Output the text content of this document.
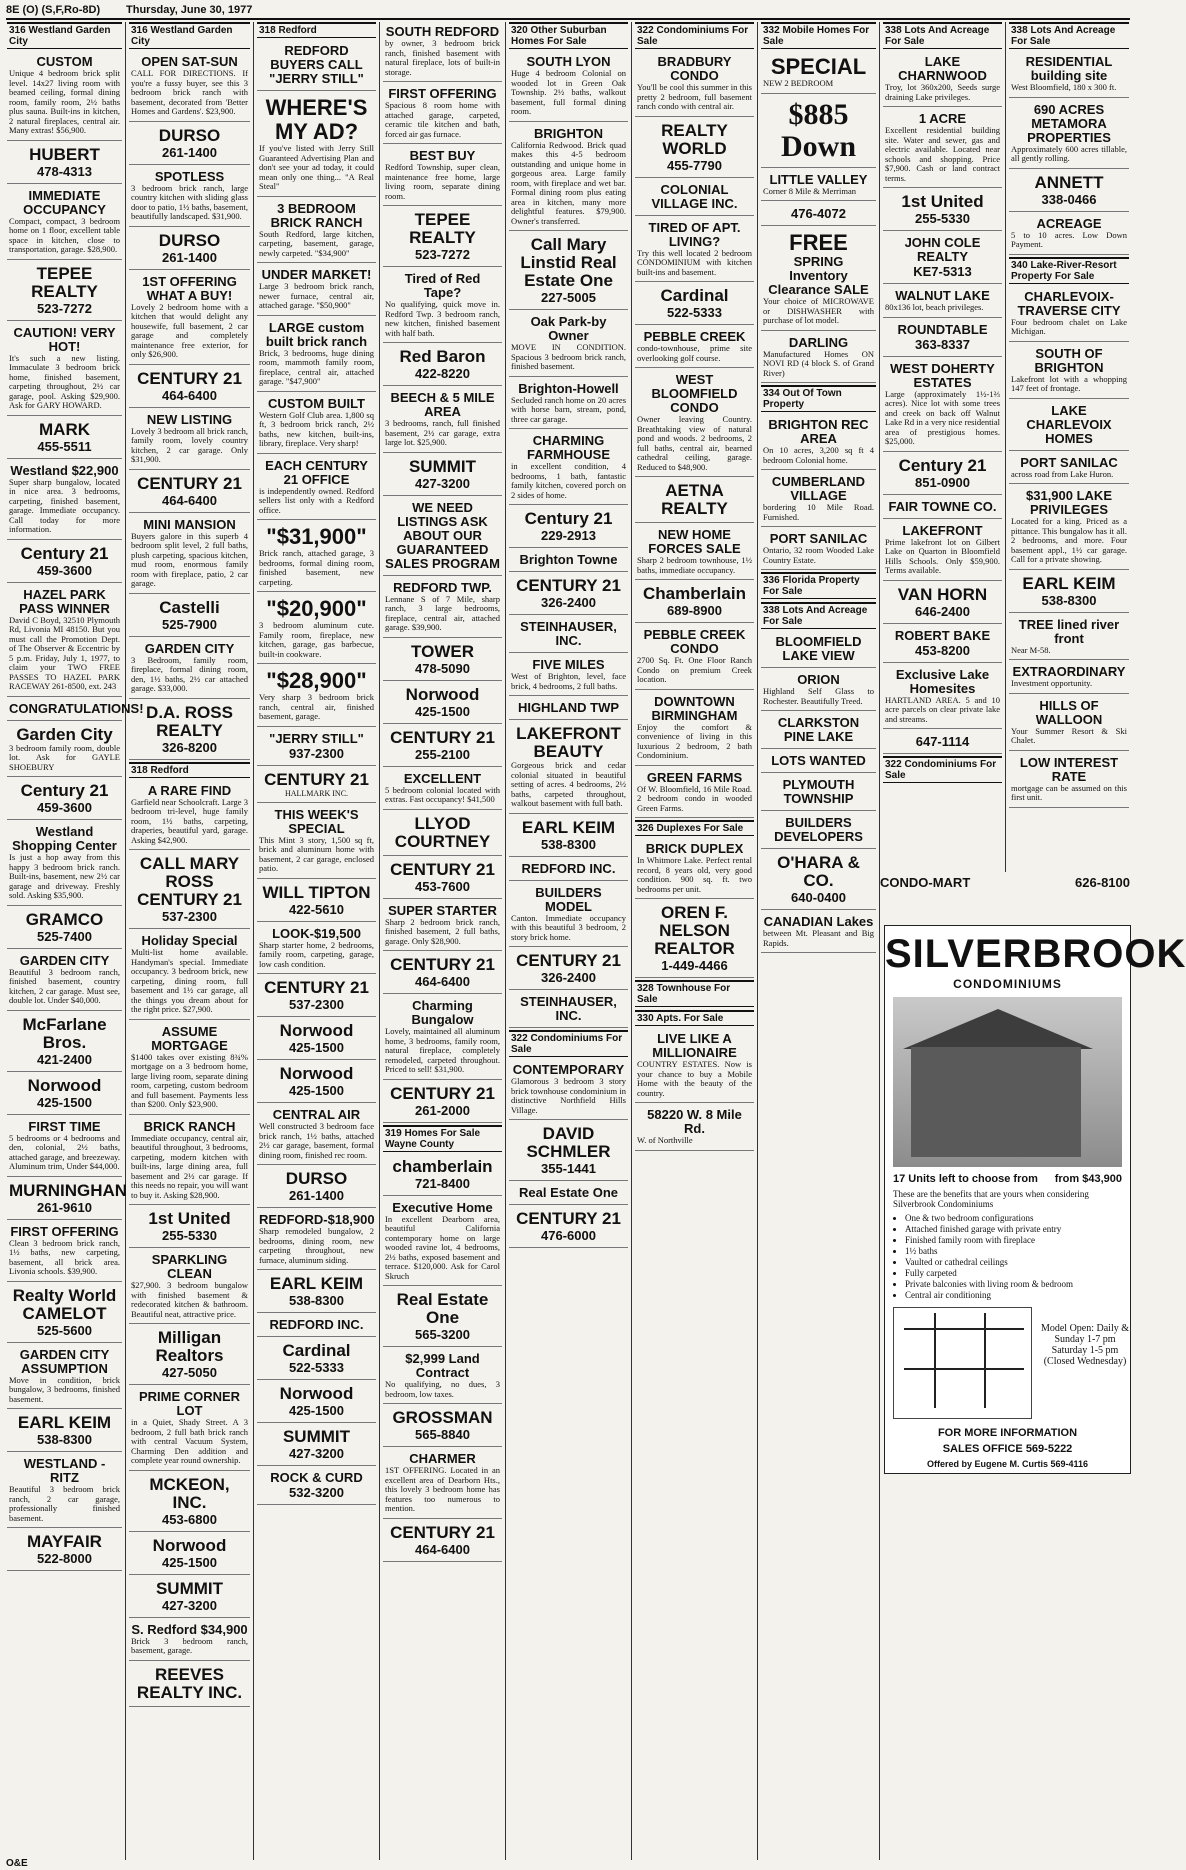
8E (O) (S,F,Ro-8D) Thursday, June 30, 1977
316 Westland Garden City
CUSTOM
Unique 4 bedroom brick split level. 14x27 living room with beamed ceiling, formal dining room, family room, 2½ baths plus sauna. Built-ins in kitchen, 2 natural fireplaces, central air. Many extras! $56,900.
HUBERT
478-4313
IMMEDIATE OCCUPANCY
Compact, compact, 3 bedroom home on 1 floor, excellent table space in kitchen, close to transportation, garage. $28,900.
TEPEE REALTY
523-7272
CAUTION! VERY HOT!
It's such a new listing. Immaculate 3 bedroom brick home, finished basement, carpeting throughout, 2½ car garage, pool. Asking $29,900. Ask for GARY HOWARD.
MARK
455-5511
Westland $22,900
Super sharp bungalow, located in nice area. 3 bedrooms, carpeting, finished basement, garage. Immediate occupancy. Call today for more information.
Century 21
459-3600
HAZEL PARK PASS WINNER
David C Boyd, 32510 Plymouth Rd, Livonia MI 48150. But you must call the Promotion Dept. of The Observer & Eccentric by 5 p.m. Friday, July 1, 1977, to claim your TWO FREE PASSES TO HAZEL PARK RACEWAY 261-8500, ext. 243
CONGRATULATIONS!
Garden City
3 bedroom family room, double lot. Ask for GAYLE SHOEBURY
Century 21
459-3600
Westland Shopping Center
Is just a hop away from this happy 3 bedroom brick ranch. Built-ins, basement, new 2½ car garage and driveway. Freshly sold. Asking $35,900.
GRAMCO
525-7400
GARDEN CITY
Beautiful 3 bedroom ranch, finished basement, country kitchen, 2 car garage. Must see, double lot. Under $40,000.
McFarlane Bros.
421-2400
Norwood
425-1500
FIRST TIME
5 bedrooms or 4 bedrooms and den, colonial, 2½ baths, attached garage, and breezeway. Aluminum trim, Under $44,000.
MURNINGHAN
261-9610
FIRST OFFERING
Clean 3 bedroom brick ranch, 1½ baths, new carpeting, basement, all brick area. Livonia schools. $39,900.
Realty World CAMELOT
525-5600
GARDEN CITY ASSUMPTION
Move in condition, brick bungalow, 3 bedrooms, finished basement.
EARL KEIM
538-8300
WESTLAND - RITZ
Beautiful 3 bedroom brick ranch, 2 car garage, professionally finished basement.
MAYFAIR
522-8000
316 Westland Garden City
OPEN SAT-SUN
CALL FOR DIRECTIONS. If you're a fussy buyer, see this 3 bedroom brick ranch with basement, decorated from 'Better Homes and Gardens'. $23,900.
DURSO
261-1400
SPOTLESS
3 bedroom brick ranch, large country kitchen with sliding glass door to patio, 1½ baths, basement, beautifully landscaped. $31,900.
DURSO
261-1400
1ST OFFERING WHAT A BUY!
Lovely 2 bedroom home with a kitchen that would delight any housewife, full basement, 2 car garage and completely maintenance free exterior, for only $26,900.
CENTURY 21
464-6400
NEW LISTING
Lovely 3 bedroom all brick ranch, family room, lovely country kitchen, 2 car garage. Only $31,900.
CENTURY 21
464-6400
MINI MANSION
Buyers galore in this superb 4 bedroom split level, 2 full baths, plush carpeting, spacious kitchen, mud room, enormous family room with fireplace, patio, 2 car garage.
Castelli
525-7900
GARDEN CITY
3 Bedroom, family room, fireplace, formal dining room, den, 1½ baths, 2½ car attached garage. $33,000.
D.A. ROSS REALTY
326-8200
318 Redford
A RARE FIND
Garfield near Schoolcraft. Large 3 bedroom tri-level, huge family room, 1½ baths, carpeting, draperies, beautiful yard, garage. Asking $42,900.
CALL MARY ROSS CENTURY 21
537-2300
Holiday Special
Multi-list home available. Handyman's special. Immediate occupancy. 3 bedroom brick, new carpeting, dining room, full basement and 1½ car garage, all the things you dream about for the right price. $27,900.
ASSUME MORTGAGE
$1400 takes over existing 8¾% mortgage on a 3 bedroom home, large living room, separate dining room, carpeting, custom bedroom and full basement. Payments less than $200. Only $23,900.
BRICK RANCH
Immediate occupancy, central air, beautiful throughout, 3 bedrooms, carpeting, modern kitchen with built-ins, large dining area, full basement and 2½ car garage. If this needs no repair, you will want to buy it. Asking $28,900.
1st United
255-5330
SPARKLING CLEAN
$27,900. 3 bedroom bungalow with finished basement & redecorated kitchen & bathroom. Beautiful neat, attractive price.
Milligan Realtors
427-5050
PRIME CORNER LOT
in a Quiet, Shady Street. A 3 bedroom, 2 full bath brick ranch with central Vacuum System, Charming Den addition and complete year round ownership.
MCKEON, INC.
453-6800
Norwood
425-1500
SUMMIT
427-3200
S. Redford $34,900
Brick 3 bedroom ranch, basement, garage.
REEVES REALTY INC.
318 Redford
REDFORD BUYERS CALL "JERRY STILL"
WHERE'S MY AD?
If you've listed with Jerry Still Guaranteed Advertising Plan and don't see your ad today, it could mean only one thing... "A Real Steal"
3 BEDROOM BRICK RANCH
South Redford, large kitchen, carpeting, basement, garage, newly carpeted. "$34,900"
UNDER MARKET!
Large 3 bedroom brick ranch, newer furnace, central air, attached garage. "$50,900"
LARGE custom built brick ranch
Brick, 3 bedrooms, huge dining room, mammoth family room, fireplace, central air, attached garage. "$47,900"
CUSTOM BUILT
Western Golf Club area. 1,800 sq ft, 3 bedroom brick ranch, 2½ baths, new kitchen, built-ins, library, fireplace. Very sharp!
EACH CENTURY 21 OFFICE
is independently owned. Redford sellers list only with a Redford office.
"$31,900"
Brick ranch, attached garage, 3 bedrooms, formal dining room, finished basement, new carpeting.
"$20,900"
3 bedroom aluminum cute. Family room, fireplace, new kitchen, garage, gas barbecue, built-in cookware.
"$28,900"
Very sharp 3 bedroom brick ranch, central air, finished basement, garage.
"JERRY STILL"
937-2300
CENTURY 21
HALLMARK INC.
THIS WEEK'S SPECIAL
This Mint 3 story, 1,500 sq ft, brick and aluminum home with basement, 2 car garage, enclosed patio.
WILL TIPTON
422-5610
LOOK-$19,500
Sharp starter home, 2 bedrooms, family room, carpeting, garage, low cash condition.
CENTURY 21
537-2300
Norwood
425-1500
Norwood
425-1500
CENTRAL AIR
Well constructed 3 bedroom face brick ranch, 1½ baths, attached 2½ car garage, basement, formal dining room, finished rec room.
DURSO
261-1400
REDFORD-$18,900
Sharp remodeled bungalow, 2 bedrooms, dining room, new carpeting throughout, new furnace, aluminum siding.
EARL KEIM
538-8300
REDFORD INC.
Cardinal
522-5333
Norwood
425-1500
SUMMIT
427-3200
ROCK & CURD
532-3200
SOUTH REDFORD
by owner, 3 bedroom brick ranch, finished basement with natural fireplace, lots of built-in storage.
FIRST OFFERING
Spacious 8 room home with attached garage, carpeted, ceramic tile kitchen and bath, forced air gas furnace.
BEST BUY
Redford Township, super clean, maintenance free home, large living room, separate dining room.
TEPEE REALTY
523-7272
Tired of Red Tape?
No qualifying, quick move in. Redford Twp. 3 bedroom ranch, new kitchen, finished basement with half bath.
Red Baron
422-8220
BEECH & 5 MILE AREA
3 bedrooms, ranch, full finished basement, 2½ car garage, extra large lot. $25,900.
SUMMIT
427-3200
WE NEED LISTINGS ASK ABOUT OUR GUARANTEED SALES PROGRAM
REDFORD TWP.
Lennane S of 7 Mile, sharp ranch, 3 large bedrooms, fireplace, central air, attached garage. $39,900.
TOWER
478-5090
Norwood
425-1500
CENTURY 21
255-2100
EXCELLENT
5 bedroom colonial located with extras. Fast occupancy! $41,500
LLYOD COURTNEY
CENTURY 21
453-7600
SUPER STARTER
Sharp 2 bedroom brick ranch, finished basement, 2 full baths, garage. Only $28,900.
CENTURY 21
464-6400
Charming Bungalow
Lovely, maintained all aluminum home, 3 bedrooms, family room, natural fireplace, completely remodeled, carpeted throughout. Priced to sell! $31,900.
CENTURY 21
261-2000
319 Homes For Sale Wayne County
chamberlain
721-8400
Executive Home
In excellent Dearborn area, beautiful California contemporary home on large wooded ravine lot, 4 bedrooms, 2½ baths, exposed basement and terrace. $120,000. Ask for Carol Skruch
Real Estate One
565-3200
$2,999 Land Contract
No qualifying, no dues, 3 bedroom, low taxes.
GROSSMAN
565-8840
CHARMER
1ST OFFERING. Located in an excellent area of Dearborn Hts., this lovely 3 bedroom home has features too numerous to mention.
CENTURY 21
464-6400
320 Other Suburban Homes For Sale
SOUTH LYON
Huge 4 bedroom Colonial on wooded lot in Green Oak Township. 2½ baths, walkout basement, full formal dining room.
BRIGHTON
California Redwood. Brick quad makes this 4-5 bedroom outstanding and unique home in gorgeous area. Large family room, with fireplace and wet bar. Formal dining room plus eating area in kitchen, many more delightful features. $79,900. Owner's transferred.
Call Mary Linstid Real Estate One
227-5005
Oak Park-by Owner
MOVE IN CONDITION. Spacious 3 bedroom brick ranch, finished basement.
Brighton-Howell
Secluded ranch home on 20 acres with horse barn, stream, pond, three car garage.
CHARMING FARMHOUSE
in excellent condition, 4 bedrooms, 1 bath, fantastic family kitchen, covered porch on 2 sides of home.
Century 21
229-2913
Brighton Towne
CENTURY 21
326-2400
STEINHAUSER, INC.
FIVE MILES
West of Brighton, level, face brick, 4 bedrooms, 2 full baths.
HIGHLAND TWP
LAKEFRONT BEAUTY
Gorgeous brick and cedar colonial situated in beautiful setting of acres. 4 bedrooms, 2½ baths, carpeted throughout, walkout basement with full bath.
EARL KEIM
538-8300
REDFORD INC.
BUILDERS MODEL
Canton. Immediate occupancy with this beautiful 3 bedroom, 2 story brick home.
CENTURY 21
326-2400
STEINHAUSER, INC.
322 Condominiums For Sale
CONTEMPORARY
Glamorous 3 bedroom 3 story brick townhouse condominium in distinctive Northfield Hills Village.
DAVID SCHMLER
355-1441
Real Estate One
CENTURY 21
476-6000
322 Condominiums For Sale
BRADBURY CONDO
You'll be cool this summer in this pretty 2 bedroom, full basement ranch condo with central air.
REALTY WORLD
455-7790
COLONIAL VILLAGE INC.
TIRED OF APT. LIVING?
Try this well located 2 bedroom CONDOMINIUM with kitchen built-ins and basement.
Cardinal
522-5333
PEBBLE CREEK
condo-townhouse, prime site overlooking golf course.
WEST BLOOMFIELD CONDO
Owner leaving Country. Breathtaking view of natural pond and woods. 2 bedrooms, 2 full baths, central air, bearned cathedral ceiling, garage. Reduced to $48,900.
AETNA REALTY
NEW HOME FORCES SALE
Sharp 2 bedroom townhouse, 1½ baths, immediate occupancy.
Chamberlain
689-8900
PEBBLE CREEK CONDO
2700 Sq. Ft. One Floor Ranch Condo on premium Creek location.
DOWNTOWN BIRMINGHAM
Enjoy the comfort & convenience of living in this luxurious 2 bedroom, 2 bath Condominium.
GREEN FARMS
Of W. Bloomfield, 16 Mile Road. 2 bedroom condo in wooded Green Farms.
326 Duplexes For Sale
BRICK DUPLEX
In Whitmore Lake. Perfect rental record, 8 years old, very good condition. 900 sq. ft. two bedrooms per unit.
OREN F. NELSON REALTOR
1-449-4466
328 Townhouse For Sale
330 Apts. For Sale
LIVE LIKE A MILLIONAIRE
COUNTRY ESTATES. Now is your chance to buy a Mobile Home with the beauty of the country.
58220 W. 8 Mile Rd.
W. of Northville
332 Mobile Homes For Sale
SPECIAL
NEW 2 BEDROOM
$885 Down
LITTLE VALLEY
Corner 8 Mile & Merriman
476-4072
FREE
SPRING Inventory Clearance SALE
Your choice of MICROWAVE or DISHWASHER with purchase of lot model.
DARLING
Manufactured Homes ON NOVI RD (4 block S. of Grand River)
334 Out Of Town Property
BRIGHTON REC AREA
On 10 acres, 3,200 sq ft 4 bedroom Colonial home.
CUMBERLAND VILLAGE
bordering 10 Mile Road. Furnished.
PORT SANILAC
Ontario, 32 room Wooded Lake Country Estate.
336 Florida Property For Sale
338 Lots And Acreage For Sale
BLOOMFIELD LAKE VIEW
ORION
Highland Self Glass to Rochester. Beautifully Treed.
CLARKSTON PINE LAKE
LOTS WANTED
PLYMOUTH TOWNSHIP
BUILDERS DEVELOPERS
O'HARA & CO.
640-0400
CANADIAN Lakes
between Mt. Pleasant and Big Rapids.
338 Lots And Acreage For Sale
LAKE CHARNWOOD
Troy, lot 360x200, Seeds surge draining Lake privileges.
1 ACRE
Excellent residential building site. Water and sewer, gas and electric available. Located near schools and shopping. Price $7,900. Cash or land contract terms.
1st United
255-5330
JOHN COLE REALTY
KE7-5313
WALNUT LAKE
80x136 lot, beach privileges.
ROUNDTABLE
363-8337
WEST DOHERTY ESTATES
Large (approximately 1½-1⅔ acres). Nice lot with some trees and creek on back off Walnut Lake Rd in a very nice residential area of prestigious homes. $25,000.
Century 21
851-0900
FAIR TOWNE CO.
LAKEFRONT
Prime lakefront lot on Gilbert Lake on Quarton in Bloomfield Hills Schools. Only $59,900. Terms available.
VAN HORN
646-2400
ROBERT BAKE
453-8200
Exclusive Lake Homesites
HARTLAND AREA. 5 and 10 acre parcels on clear private lake and streams.
647-1114
322 Condominiums For Sale
338 Lots And Acreage For Sale
RESIDENTIAL building site
West Bloomfield, 180 x 300 ft.
690 ACRES METAMORA PROPERTIES
Approximately 600 acres tillable, all gently rolling.
ANNETT
338-0466
ACREAGE
5 to 10 acres. Low Down Payment.
340 Lake-River-Resort Property For Sale
CHARLEVOIX-TRAVERSE CITY
Four bedroom chalet on Lake Michigan.
SOUTH OF BRIGHTON
Lakefront lot with a whopping 147 feet of frontage.
LAKE CHARLEVOIX HOMES
PORT SANILAC
across road from Lake Huron.
$31,900 LAKE PRIVILEGES
Located for a king. Priced as a pittance. This bungalow has it all. 2 bedrooms, and more. Four basement appl., 1½ car garage. Call for a private showing.
EARL KEIM
538-8300
TREE lined river front
Near M-58.
EXTRAORDINARY
Investment opportunity.
HILLS OF WALLOON
Your Summer Resort & Ski Chalet.
LOW INTEREST RATE
mortgage can be assumed on this first unit.
CONDO-MART	626-8100
SILVERBROOK
CONDOMINIUMS
17 Units left to choose from from $43,900
These are the benefits that are yours when considering Silverbrook Condominiums
• One & two bedroom configurations
• Attached finished garage with private entry
• Finished family room with fireplace
• 1½ baths
• Vaulted or cathedral ceilings
• Fully carpeted
• Private balconies with living room & bedroom
• Central air conditioning
Model Open: Daily & Sunday 1-7 pm Saturday 1-5 pm (Closed Wednesday)
FOR MORE INFORMATION
SALES OFFICE 569-5222
Offered by Eugene M. Curtis 569-4116
O&E
